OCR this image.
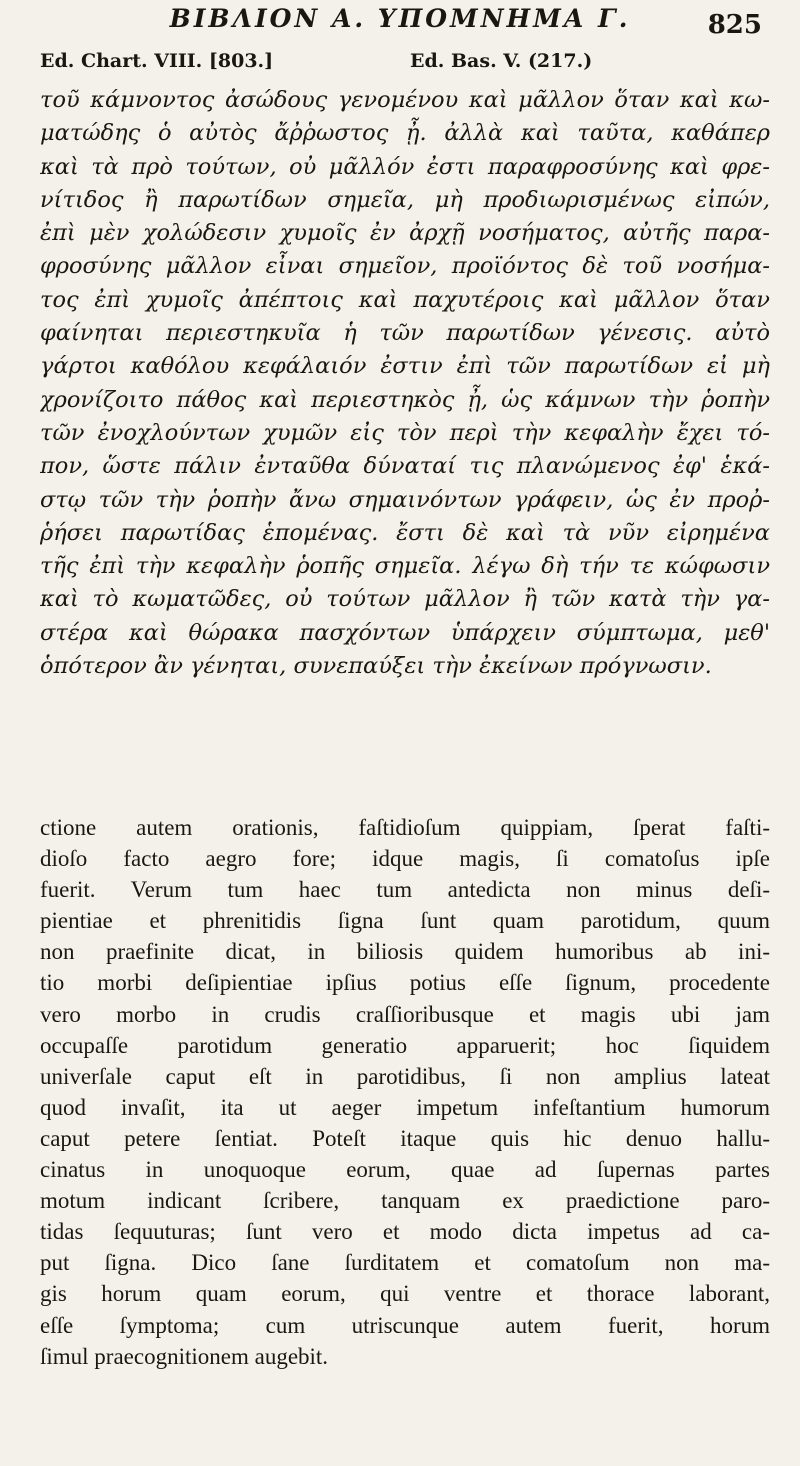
ΒΙΒΛΙΟΝ Α. ΥΠΟΜΝΗΜΑ Γ.	825
Ed. Chart. VIII. [803.]	Ed. Bas. V. (217.)
τοῦ κάμνοντος ἀσώδους γενομένου καὶ μᾶλλον ὅταν καὶ κω-
ματώδης ὁ αὐτὸς ἄῤῥωστος ᾖ. ἀλλὰ καὶ ταῦτα, καθάπερ
καὶ τὰ πρὸ τούτων, οὐ μᾶλλόν ἐστι παραφροσύνης καὶ φρε-
νίτιδος ἢ παρωτίδων σημεῖα, μὴ προδιωρισμένως εἰπών,
ἐπὶ μὲν χολώδεσιν χυμοῖς ἐν ἀρχῇ νοσήματος, αὐτῆς παρα-
φροσύνης μᾶλλον εἶναι σημεῖον, προϊόντος δὲ τοῦ νοσήμα-
τος ἐπὶ χυμοῖς ἀπέπτοις καὶ παχυτέροις καὶ μᾶλλον ὅταν
φαίνηται περιεστηκυῖα ἡ τῶν παρωτίδων γένεσις. αὐτὸ
γάρτοι καθόλου κεφάλαιόν ἐστιν ἐπὶ τῶν παρωτίδων εἰ μὴ
χρονίζοιτο πάθος καὶ περιεστηκὸς ᾖ, ὡς κάμνων τὴν ῥοπὴν
τῶν ἐνοχλούντων χυμῶν εἰς τὸν περὶ τὴν κεφαλὴν ἔχει τό-
πον, ὥστε πάλιν ἐνταῦθα δύναταί τις πλανώμενος ἐφ' ἑκά-
στῳ τῶν τὴν ῥοπὴν ἄνω σημαινόντων γράφειν, ὡς ἐν προῤ-
ῥήσει παρωτίδας ἑπομένας. ἔστι δὲ καὶ τὰ νῦν εἰρημένα
τῆς ἐπὶ τὴν κεφαλὴν ῥοπῆς σημεῖα. λέγω δὴ τήν τε κώφωσιν
καὶ τὸ κωματῶδες, οὐ τούτων μᾶλλον ἢ τῶν κατὰ τὴν γα-
στέρα καὶ θώρακα πασχόντων ὑπάρχειν σύμπτωμα, μεθ'
ὁπότερον ἂν γένηται, συνεπαύξει τὴν ἐκείνων πρόγνωσιν.
ctione autem orationis, faſtidioſum quippiam, ſperat faſti-
dioſo facto aegro fore; idque magis, ſi comatoſus ipſe
fuerit. Verum tum haec tum antedicta non minus deſi-
pientiae et phrenitidis ſigna ſunt quam parotidum, quum
non praefinite dicat, in biliosis quidem humoribus ab ini-
tio morbi deſipientiae ipſius potius eſſe ſignum, procedente
vero morbo in crudis craſſioribusque et magis ubi jam
occupaſſe parotidum generatio apparuerit; hoc ſiquidem
univerſale caput eſt in parotidibus, ſi non amplius lateat
quod invaſit, ita ut aeger impetum infeſtantium humorum
caput petere ſentiat. Poteſt itaque quis hic denuo hallu-
cinatus in unoquoque eorum, quae ad ſupernas partes
motum indicant ſcribere, tanquam ex praedictione paro-
tidas ſequuturas; ſunt vero et modo dicta impetus ad ca-
put ſigna. Dico ſane ſurditatem et comatoſum non ma-
gis horum quam eorum, qui ventre et thorace laborant,
eſſe ſymptoma; cum utriscunque autem fuerit, horum
ſimul praecognitionem augebit.
